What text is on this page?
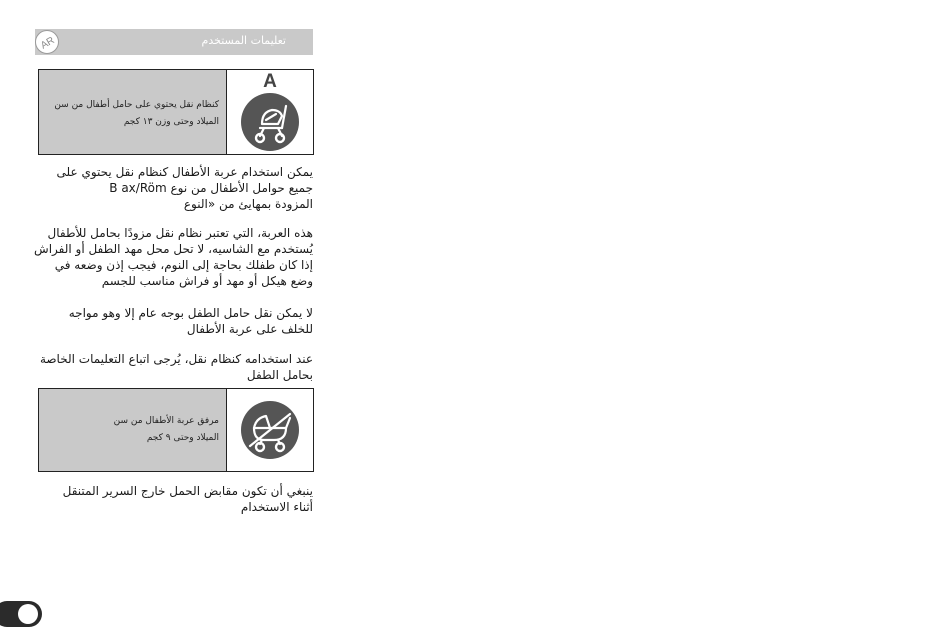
تعليمات المستخدم
AR
كنظام نقل يحتوي على حامل أطفال من سن
الميلاد وحتى وزن ١٣ كجم
A
يمكن استخدام عربة الأطفال كنظام نقل يحتوي على
جميع حوامل الأطفال من نوع B ax/Röm
المزودة بمهايئ من «النوع
هذه العربة، التي تعتبر نظام نقل مزودًا بحامل للأطفال
يُستخدم مع الشاسيه، لا تحل محل مهد الطفل أو الفراش
إذا كان طفلك بحاجة إلى النوم، فيجب إذن وضعه في
وضع هيكل أو مهد أو فراش مناسب للجسم
لا يمكن نقل حامل الطفل بوجه عام إلا وهو مواجه
للخلف على عربة الأطفال
عند استخدامه كنظام نقل، يُرجى اتباع التعليمات الخاصة
بحامل الطفل
مرفق عربة الأطفال من سن
الميلاد وحتى ٩ كجم
ينبغي أن تكون مقابض الحمل خارج السرير المتنقل
أثناء الاستخدام
